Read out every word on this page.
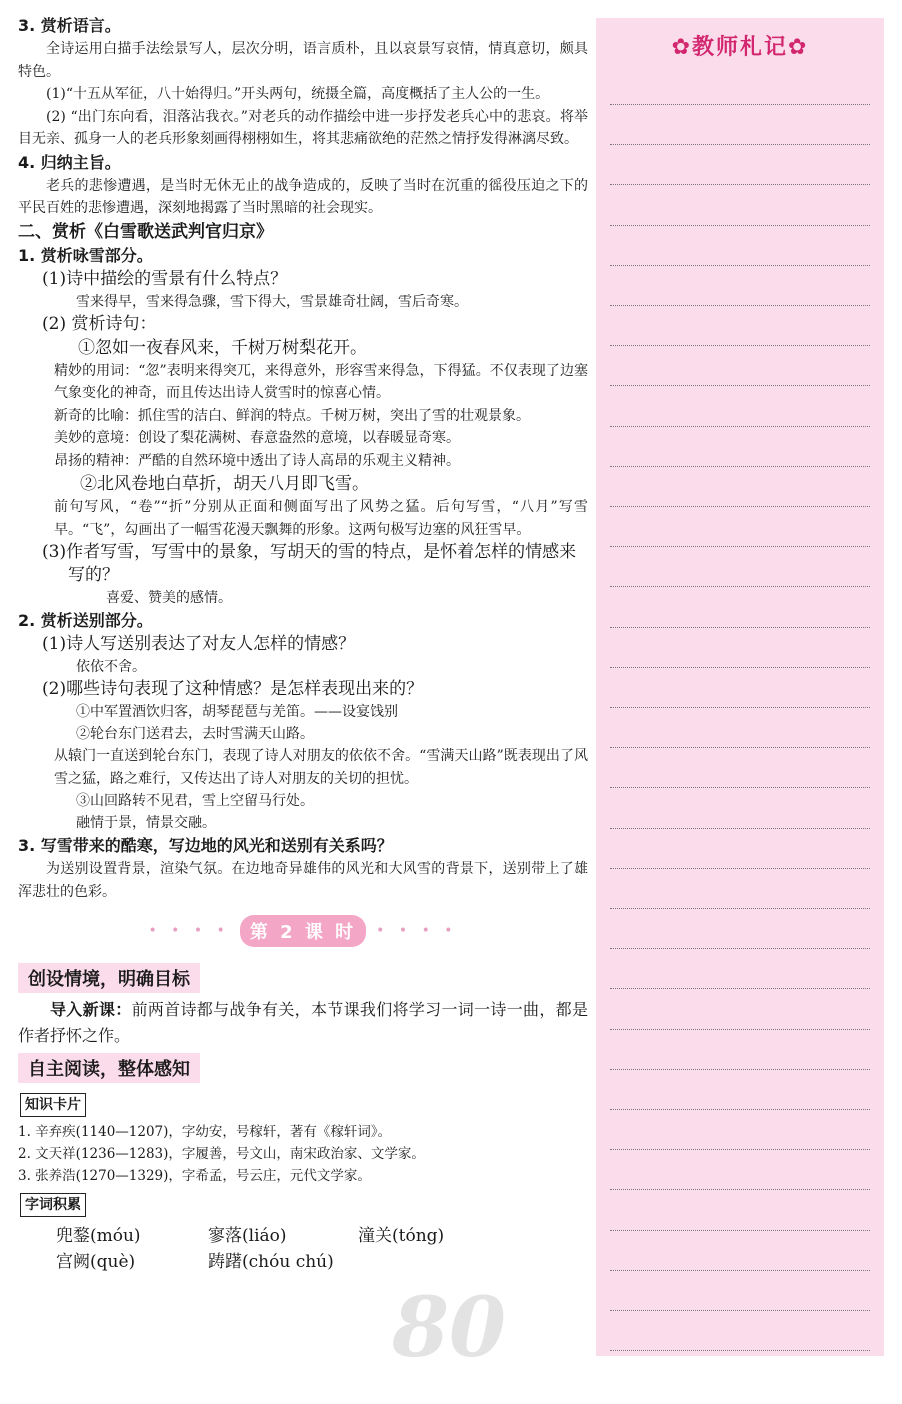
3. 赏析语言。
全诗运用白描手法绘景写人，层次分明，语言质朴，且以哀景写哀情，情真意切，颇具特色。
(1)“十五从军征，八十始得归。”开头两句，统摄全篇，高度概括了主人公的一生。
(2) “出门东向看，泪落沾我衣。”对老兵的动作描绘中进一步抒发老兵心中的悲哀。将举目无亲、孤身一人的老兵形象刻画得栩栩如生，将其悲痛欲绝的茫然之情抒发得淋漓尽致。
4. 归纳主旨。
老兵的悲惨遭遇，是当时无休无止的战争造成的，反映了当时在沉重的徭役压迫之下的平民百姓的悲惨遭遇，深刻地揭露了当时黑暗的社会现实。
二、赏析《白雪歌送武判官归京》
1. 赏析咏雪部分。
(1)诗中描绘的雪景有什么特点？
雪来得早，雪来得急骤，雪下得大，雪景雄奇壮阔，雪后奇寒。
(2) 赏析诗句：
①忽如一夜春风来，千树万树梨花开。
精妙的用词：“忽”表明来得突兀，来得意外，形容雪来得急，下得猛。不仅表现了边塞气象变化的神奇，而且传达出诗人赏雪时的惊喜心情。
新奇的比喻：抓住雪的洁白、鲜润的特点。千树万树，突出了雪的壮观景象。
美妙的意境：创设了梨花满树、春意盎然的意境，以春暖显奇寒。
昂扬的精神：严酷的自然环境中透出了诗人高昂的乐观主义精神。
②北风卷地白草折，胡天八月即飞雪。
前句写风，“卷”“折”分别从正面和侧面写出了风势之猛。后句写雪，“八月”写雪早。“飞”，勾画出了一幅雪花漫天飘舞的形象。这两句极写边塞的风狂雪早。
(3)作者写雪，写雪中的景象，写胡天的雪的特点，是怀着怎样的情感来写的？
喜爱、赞美的感情。
2. 赏析送别部分。
(1)诗人写送别表达了对友人怎样的情感？
依依不舍。
(2)哪些诗句表现了这种情感？是怎样表现出来的？
①中军置酒饮归客，胡琴琵琶与羌笛。——设宴饯别
②轮台东门送君去，去时雪满天山路。
从辕门一直送到轮台东门，表现了诗人对朋友的依依不舍。“雪满天山路”既表现出了风雪之猛，路之难行，又传达出了诗人对朋友的关切的担忧。
③山回路转不见君，雪上空留马行处。
融情于景，情景交融。
3. 写雪带来的酷寒，写边地的风光和送别有关系吗？
为送别设置背景，渲染气氛。在边地奇异雄伟的风光和大风雪的背景下，送别带上了雄浑悲壮的色彩。
• • • •	第 2 课 时	• • • •
创设情境，明确目标
导入新课：前两首诗都与战争有关，本节课我们将学习一词一诗一曲，都是作者抒怀之作。
自主阅读，整体感知
知识卡片
1. 辛弃疾(1140—1207)，字幼安，号稼轩，著有《稼轩词》。
2. 文天祥(1236—1283)，字履善，号文山，南宋政治家、文学家。
3. 张养浩(1270—1329)，字希孟，号云庄，元代文学家。
字词积累
兜鍪(móu)	寥落(liáo)	潼关(tóng)
宫阙(què)	踌躇(chóu chú)
80
✿教师札记✿
